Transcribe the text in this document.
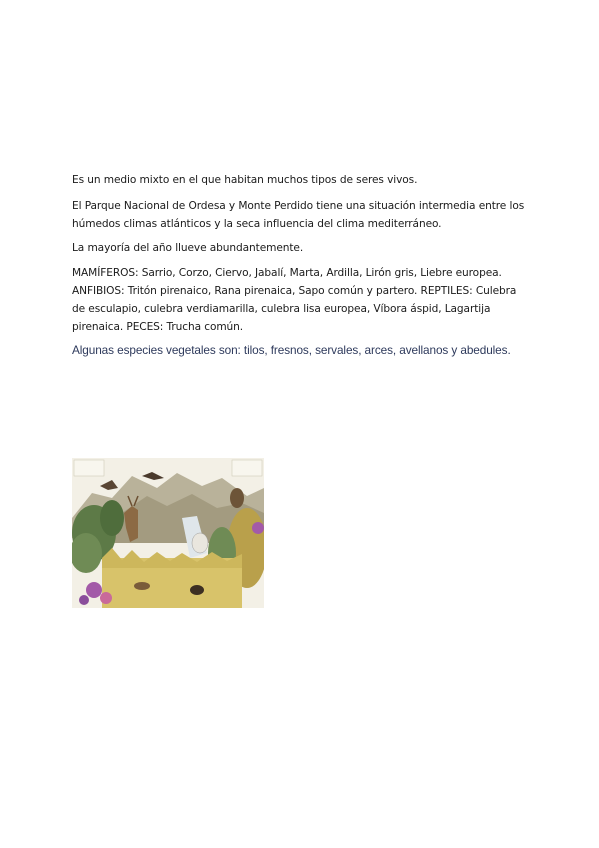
Es un medio mixto en el que habitan muchos tipos de seres vivos.

El Parque Nacional de Ordesa y Monte Perdido tiene una situación intermedia entre los húmedos climas atlánticos y la seca influencia del clima mediterráneo.

La mayoría del año llueve abundantemente.

MAMÍFEROS: Sarrio, Corzo, Ciervo, Jabalí, Marta, Ardilla, Lirón gris, Liebre europea. ANFIBIOS: Tritón pirenaico, Rana pirenaica, Sapo común y partero. REPTILES: Culebra de esculapio, culebra verdiamarilla, culebra lisa europea, Víbora áspid, Lagartija pirenaica. PECES: Trucha común.

Algunas especies vegetales son: tilos, fresnos, servales, arces, avellanos y abedules.
